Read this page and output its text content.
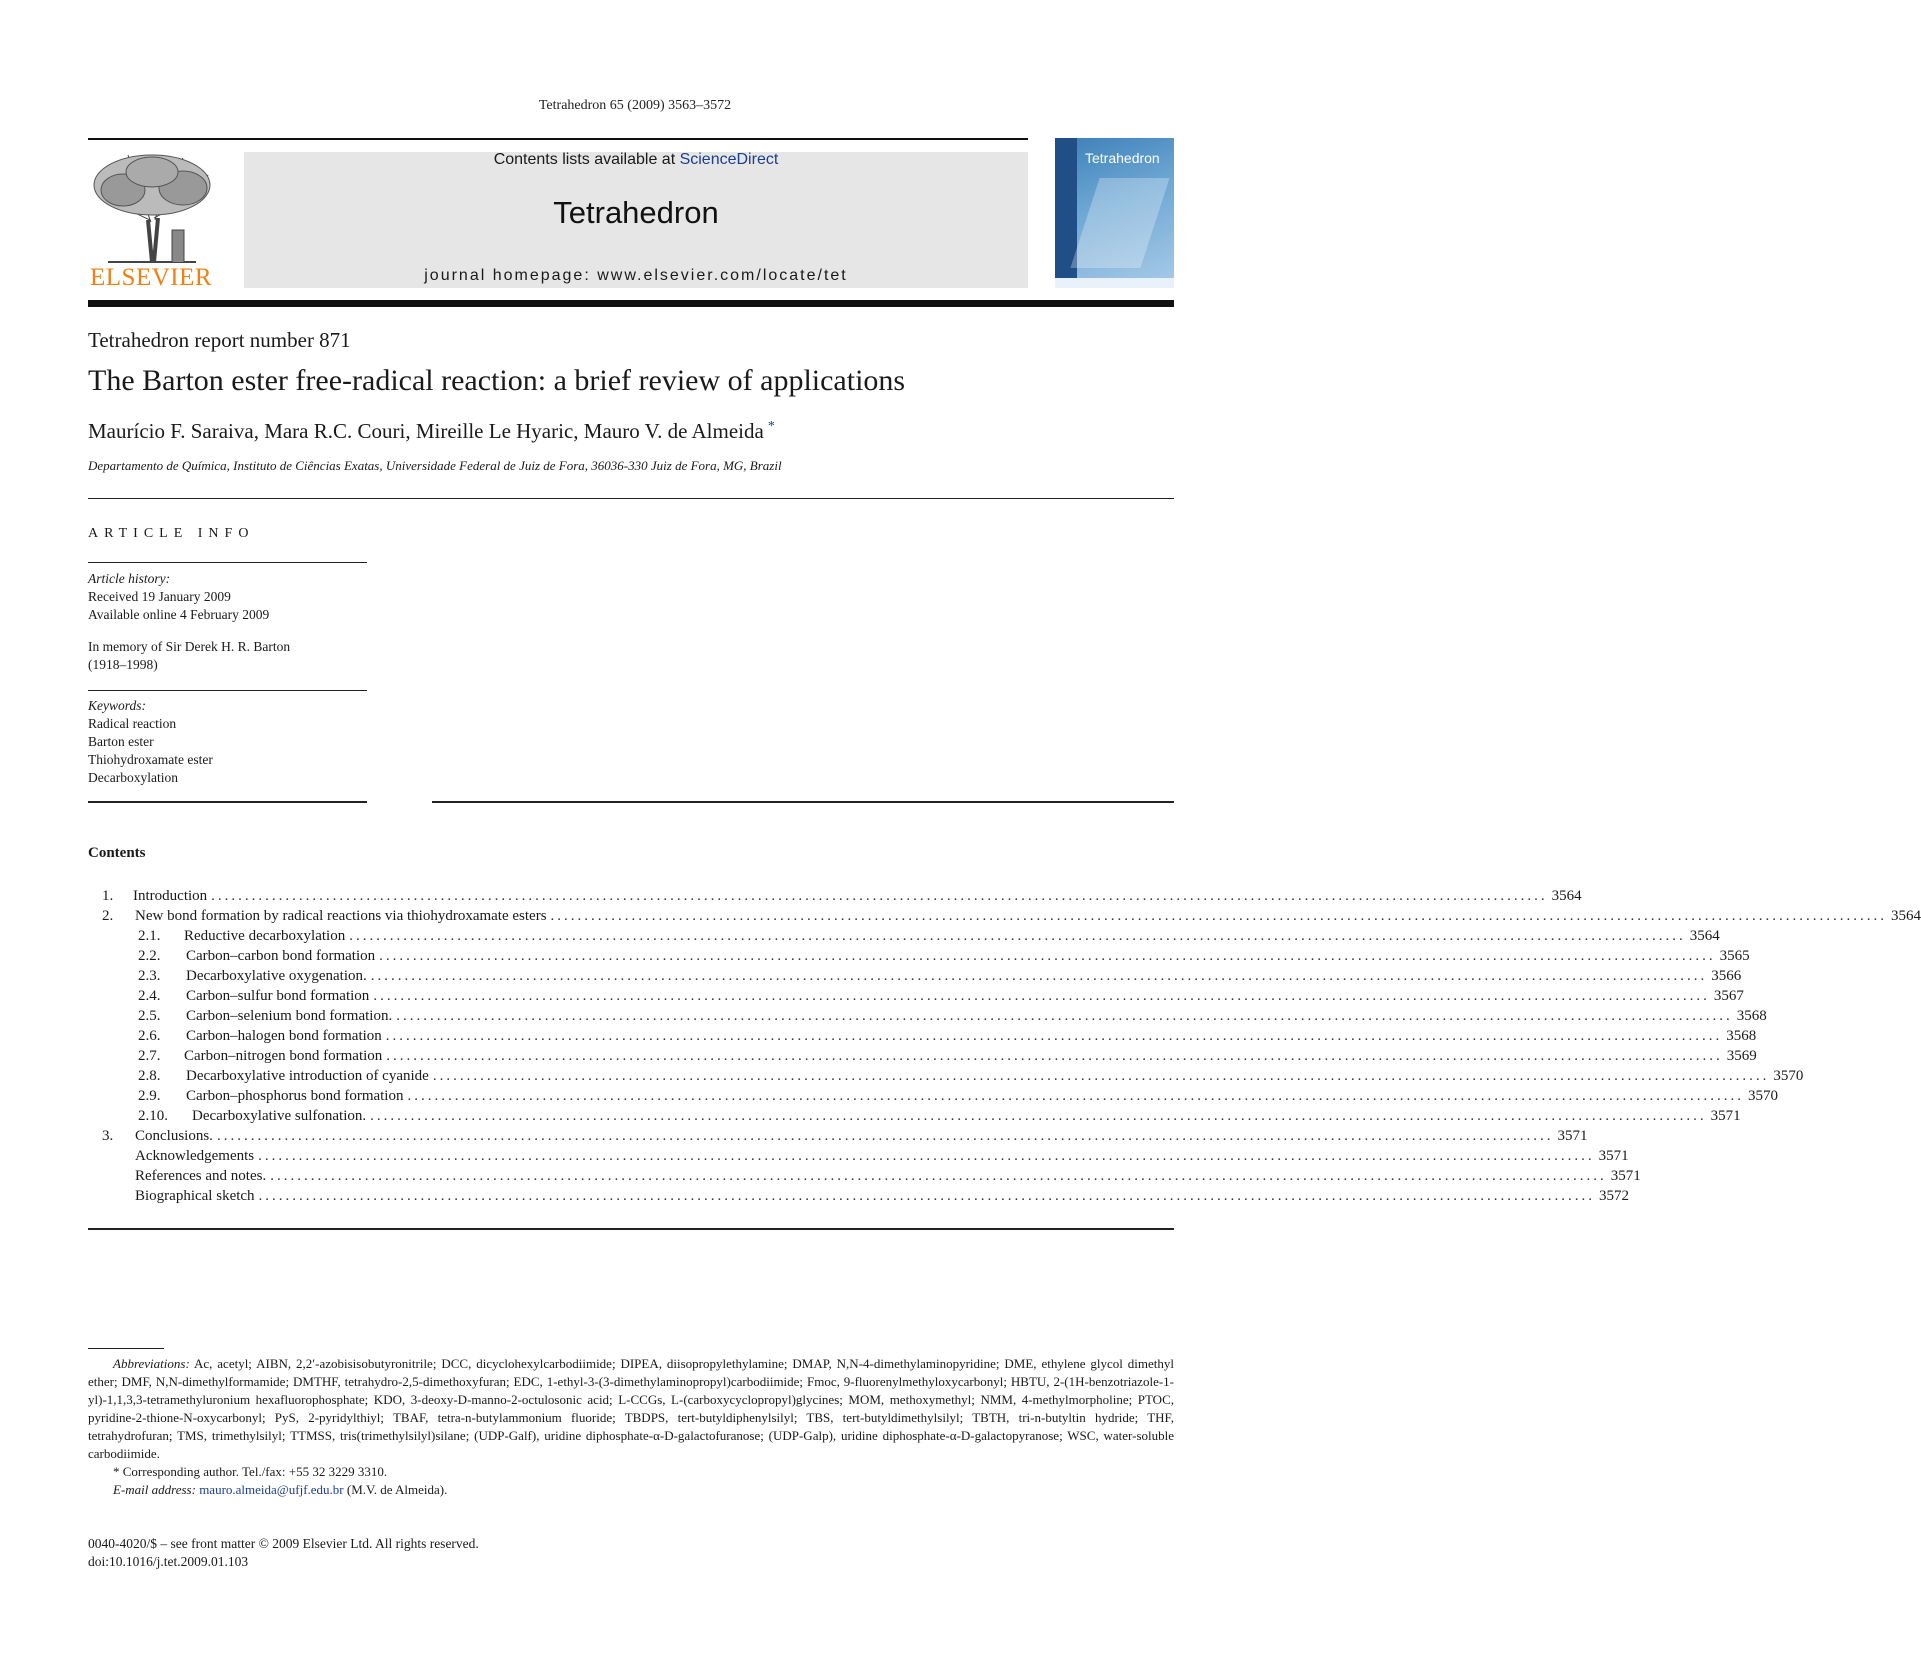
Tetrahedron 65 (2009) 3563–3572
ELSEVIER
Contents lists available at ScienceDirect
Tetrahedron
journal homepage: www.elsevier.com/locate/tet
Tetrahedron
Tetrahedron report number 871
The Barton ester free-radical reaction: a brief review of applications
Maurício F. Saraiva, Mara R.C. Couri, Mireille Le Hyaric, Mauro V. de Almeida *
Departamento de Química, Instituto de Ciências Exatas, Universidade Federal de Juiz de Fora, 36036-330 Juiz de Fora, MG, Brazil
ARTICLE INFO
Article history:
Received 19 January 2009
Available online 4 February 2009
In memory of Sir Derek H. R. Barton
(1918–1998)
Keywords:
Radical reaction
Barton ester
Thiohydroxamate ester
Decarboxylation
Contents
1.	Introduction ...................................................................................................................................................................................................... 3564
2.	New bond formation by radical reactions via thiohydroxamate esters ...................................................................................................................................................................................................... 3564
2.1.	Reductive decarboxylation ...................................................................................................................................................................................................... 3564
2.2.	Carbon–carbon bond formation ...................................................................................................................................................................................................... 3565
2.3.	Decarboxylative oxygenation. ...................................................................................................................................................................................................... 3566
2.4.	Carbon–sulfur bond formation ...................................................................................................................................................................................................... 3567
2.5.	Carbon–selenium bond formation. ...................................................................................................................................................................................................... 3568
2.6.	Carbon–halogen bond formation ...................................................................................................................................................................................................... 3568
2.7.	Carbon–nitrogen bond formation ...................................................................................................................................................................................................... 3569
2.8.	Decarboxylative introduction of cyanide ...................................................................................................................................................................................................... 3570
2.9.	Carbon–phosphorus bond formation ...................................................................................................................................................................................................... 3570
2.10.	Decarboxylative sulfonation. ...................................................................................................................................................................................................... 3571
3.	Conclusions. ...................................................................................................................................................................................................... 3571
Acknowledgements ...................................................................................................................................................................................................... 3571
References and notes. ...................................................................................................................................................................................................... 3571
Biographical sketch ...................................................................................................................................................................................................... 3572

Abbreviations: Ac, acetyl; AIBN, 2,2′-azobisisobutyronitrile; DCC, dicyclohexylcarbodiimide; DIPEA, diisopropylethylamine; DMAP, N,N-4-dimethylaminopyridine; DME, ethylene glycol dimethyl ether; DMF, N,N-dimethylformamide; DMTHF, tetrahydro-2,5-dimethoxyfuran; EDC, 1-ethyl-3-(3-dimethylaminopropyl)carbodiimide; Fmoc, 9-fluorenylmethyloxycarbonyl; HBTU, 2-(1H-benzotriazole-1-yl)-1,1,3,3-tetramethyluronium hexafluorophosphate; KDO, 3-deoxy-D-manno-2-octulosonic acid; L-CCGs, L-(carboxycyclopropyl)glycines; MOM, methoxymethyl; NMM, 4-methylmorpholine; PTOC, pyridine-2-thione-N-oxycarbonyl; PyS, 2-pyridylthiyl; TBAF, tetra-n-butylammonium fluoride; TBDPS, tert-butyldiphenylsilyl; TBS, tert-butyldimethylsilyl; TBTH, tri-n-butyltin hydride; THF, tetrahydrofuran; TMS, trimethylsilyl; TTMSS, tris(trimethylsilyl)silane; (UDP-Galf), uridine diphosphate-α-D-galactofuranose; (UDP-Galp), uridine diphosphate-α-D-galactopyranose; WSC, water-soluble carbodiimide.

* Corresponding author. Tel./fax: +55 32 3229 3310.

E-mail address: mauro.almeida@ufjf.edu.br (M.V. de Almeida).

0040-4020/$ – see front matter © 2009 Elsevier Ltd. All rights reserved.
doi:10.1016/j.tet.2009.01.103
